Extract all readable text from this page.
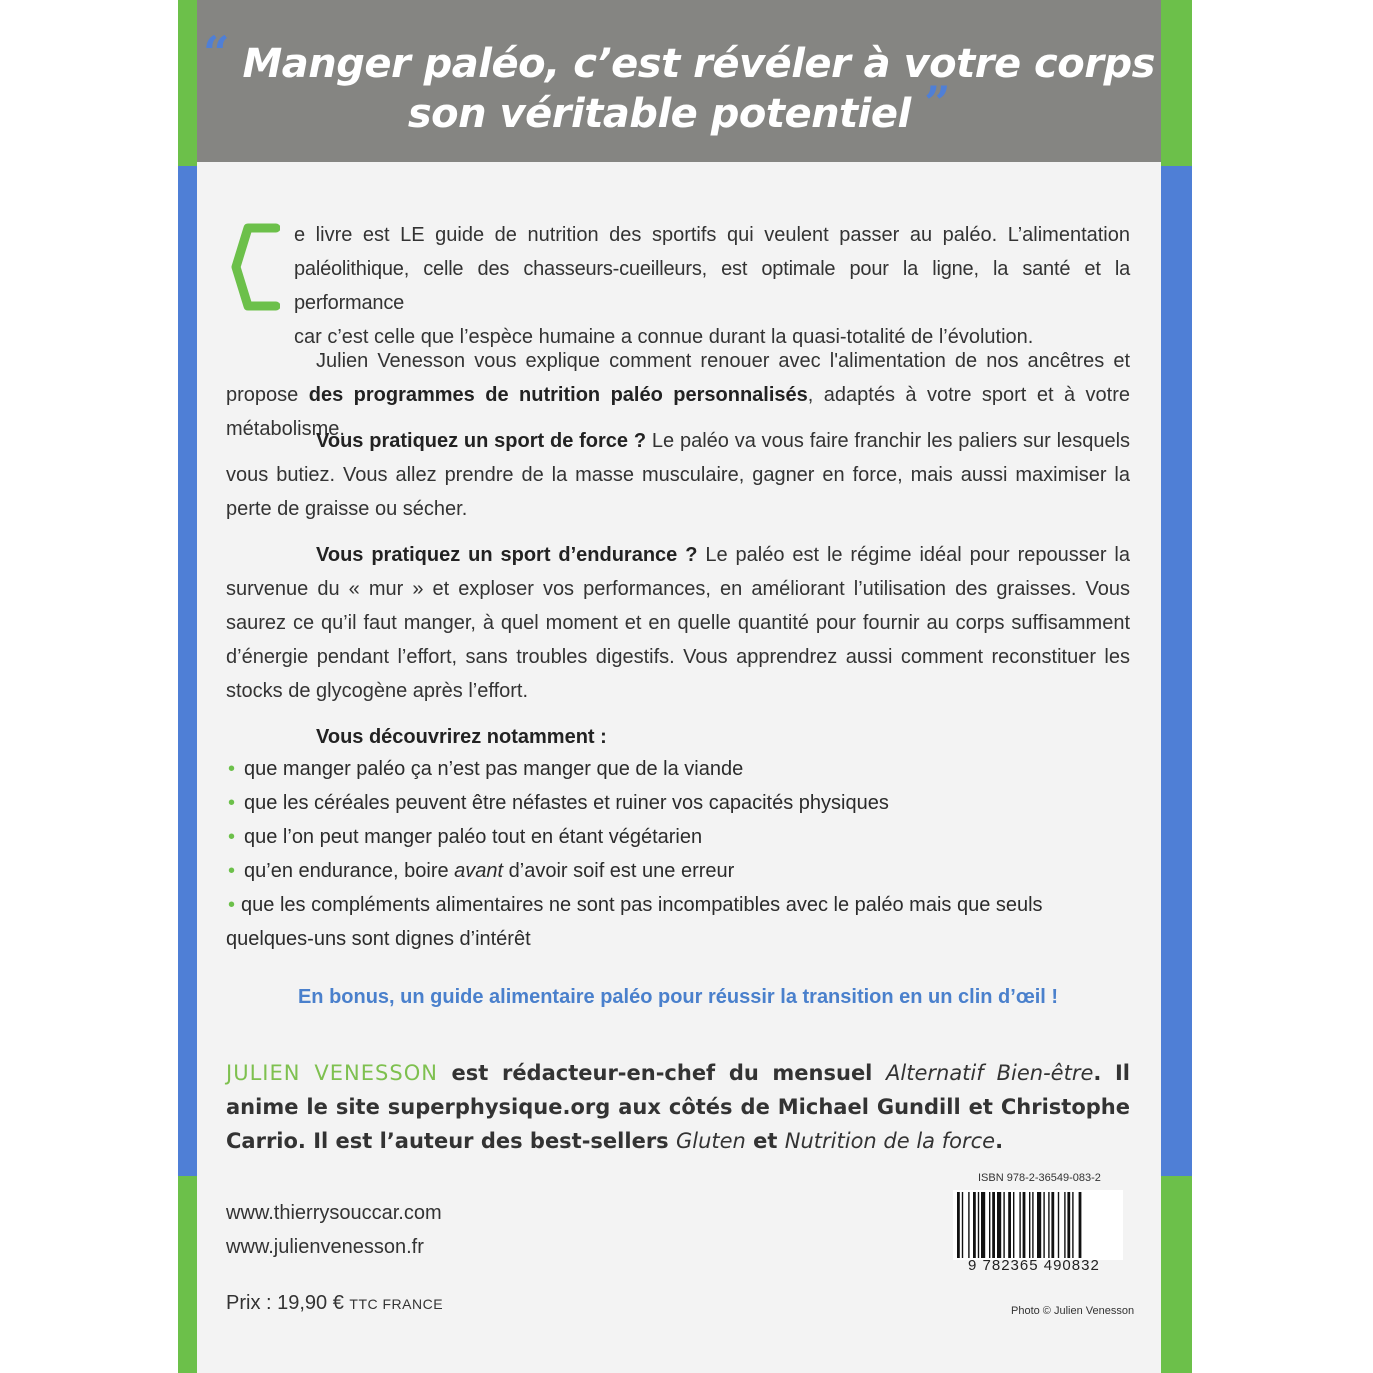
“ Manger paléo, c’est révéler à votre corps
son véritable potentiel ”
C
e livre est LE guide de nutrition des sportifs qui veulent passer au paléo. L’alimentation
paléolithique, celle des chasseurs-cueilleurs, est optimale pour la ligne, la santé et la performance
car c’est celle que l’espèce humaine a connue durant la quasi-totalité de l’évolution.
Julien Venesson vous explique comment renouer avec l'alimentation de nos ancêtres et propose des programmes de nutrition paléo personnalisés, adaptés à votre sport et à votre métabolisme.
Vous pratiquez un sport de force ? Le paléo va vous faire franchir les paliers sur lesquels vous butiez. Vous allez prendre de la masse musculaire, gagner en force, mais aussi maximiser la perte de graisse ou sécher.
Vous pratiquez un sport d’endurance ? Le paléo est le régime idéal pour repousser la survenue du « mur » et exploser vos performances, en améliorant l’utilisation des graisses. Vous saurez ce qu’il faut manger, à quel moment et en quelle quantité pour fournir au corps suffisamment d’énergie pendant l’effort, sans troubles digestifs. Vous apprendrez aussi comment reconstituer les stocks de glycogène après l’effort.
Vous découvrirez notamment :
• que manger paléo ça n’est pas manger que de la viande
• que les céréales peuvent être néfastes et ruiner vos capacités physiques
• que l’on peut manger paléo tout en étant végétarien
• qu’en endurance, boire avant d’avoir soif est une erreur
• que les compléments alimentaires ne sont pas incompatibles avec le paléo mais que seuls quelques-uns sont dignes d’intérêt
En bonus, un guide alimentaire paléo pour réussir la transition en un clin d’œil !
JULIEN VENESSON est rédacteur-en-chef du mensuel Alternatif Bien-être. Il anime le site superphysique.org aux côtés de Michael Gundill et Christophe Carrio. Il est l’auteur des best-sellers Gluten et Nutrition de la force.
www.thierrysouccar.com
www.julienvenesson.fr
Prix : 19,90 € TTC FRANCE
ISBN 978-2-36549-083-2
9 782365 490832
Photo © Julien Venesson
